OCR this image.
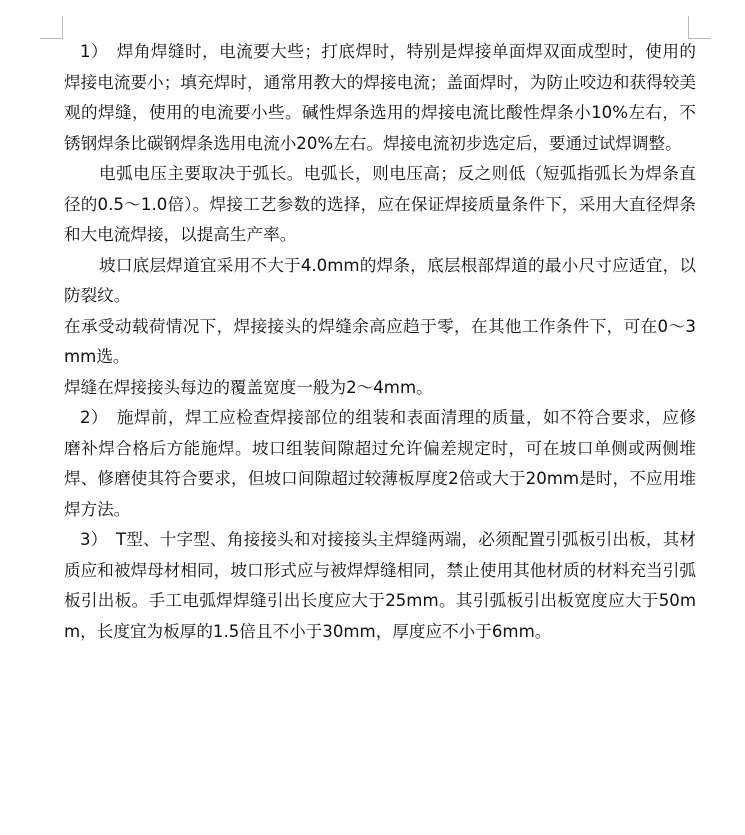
1）　焊角焊缝时，电流要大些；打底焊时，特别是焊接单面焊双面成型时，使用的焊接电流要小；填充焊时，通常用教大的焊接电流；盖面焊时，为防止咬边和获得较美观的焊缝，使用的电流要小些。碱性焊条选用的焊接电流比酸性焊条小10%左右，不锈钢焊条比碳钢焊条选用电流小20%左右。焊接电流初步选定后，要通过试焊调整。

电弧电压主要取决于弧长。电弧长，则电压高；反之则低（短弧指弧长为焊条直径的0.5～1.0倍）。焊接工艺参数的选择，应在保证焊接质量条件下，采用大直径焊条和大电流焊接，以提高生产率。

坡口底层焊道宜采用不大于4.0mm的焊条，底层根部焊道的最小尺寸应适宜，以防裂纹。

在承受动载荷情况下，焊接接头的焊缝余高应趋于零，在其他工作条件下，可在0～3mm选。

焊缝在焊接接头每边的覆盖宽度一般为2～4mm。

2）　施焊前，焊工应检查焊接部位的组装和表面清理的质量，如不符合要求，应修磨补焊合格后方能施焊。坡口组装间隙超过允许偏差规定时，可在坡口单侧或两侧堆焊、修磨使其符合要求，但坡口间隙超过较薄板厚度2倍或大于20mm是时，不应用堆焊方法。

3）　T型、十字型、角接接头和对接接头主焊缝两端，必须配置引弧板引出板，其材质应和被焊母材相同，坡口形式应与被焊焊缝相同，禁止使用其他材质的材料充当引弧板引出板。手工电弧焊焊缝引出长度应大于25mm。其引弧板引出板宽度应大于50mm，长度宜为板厚的1.5倍且不小于30mm，厚度应不小于6mm。
